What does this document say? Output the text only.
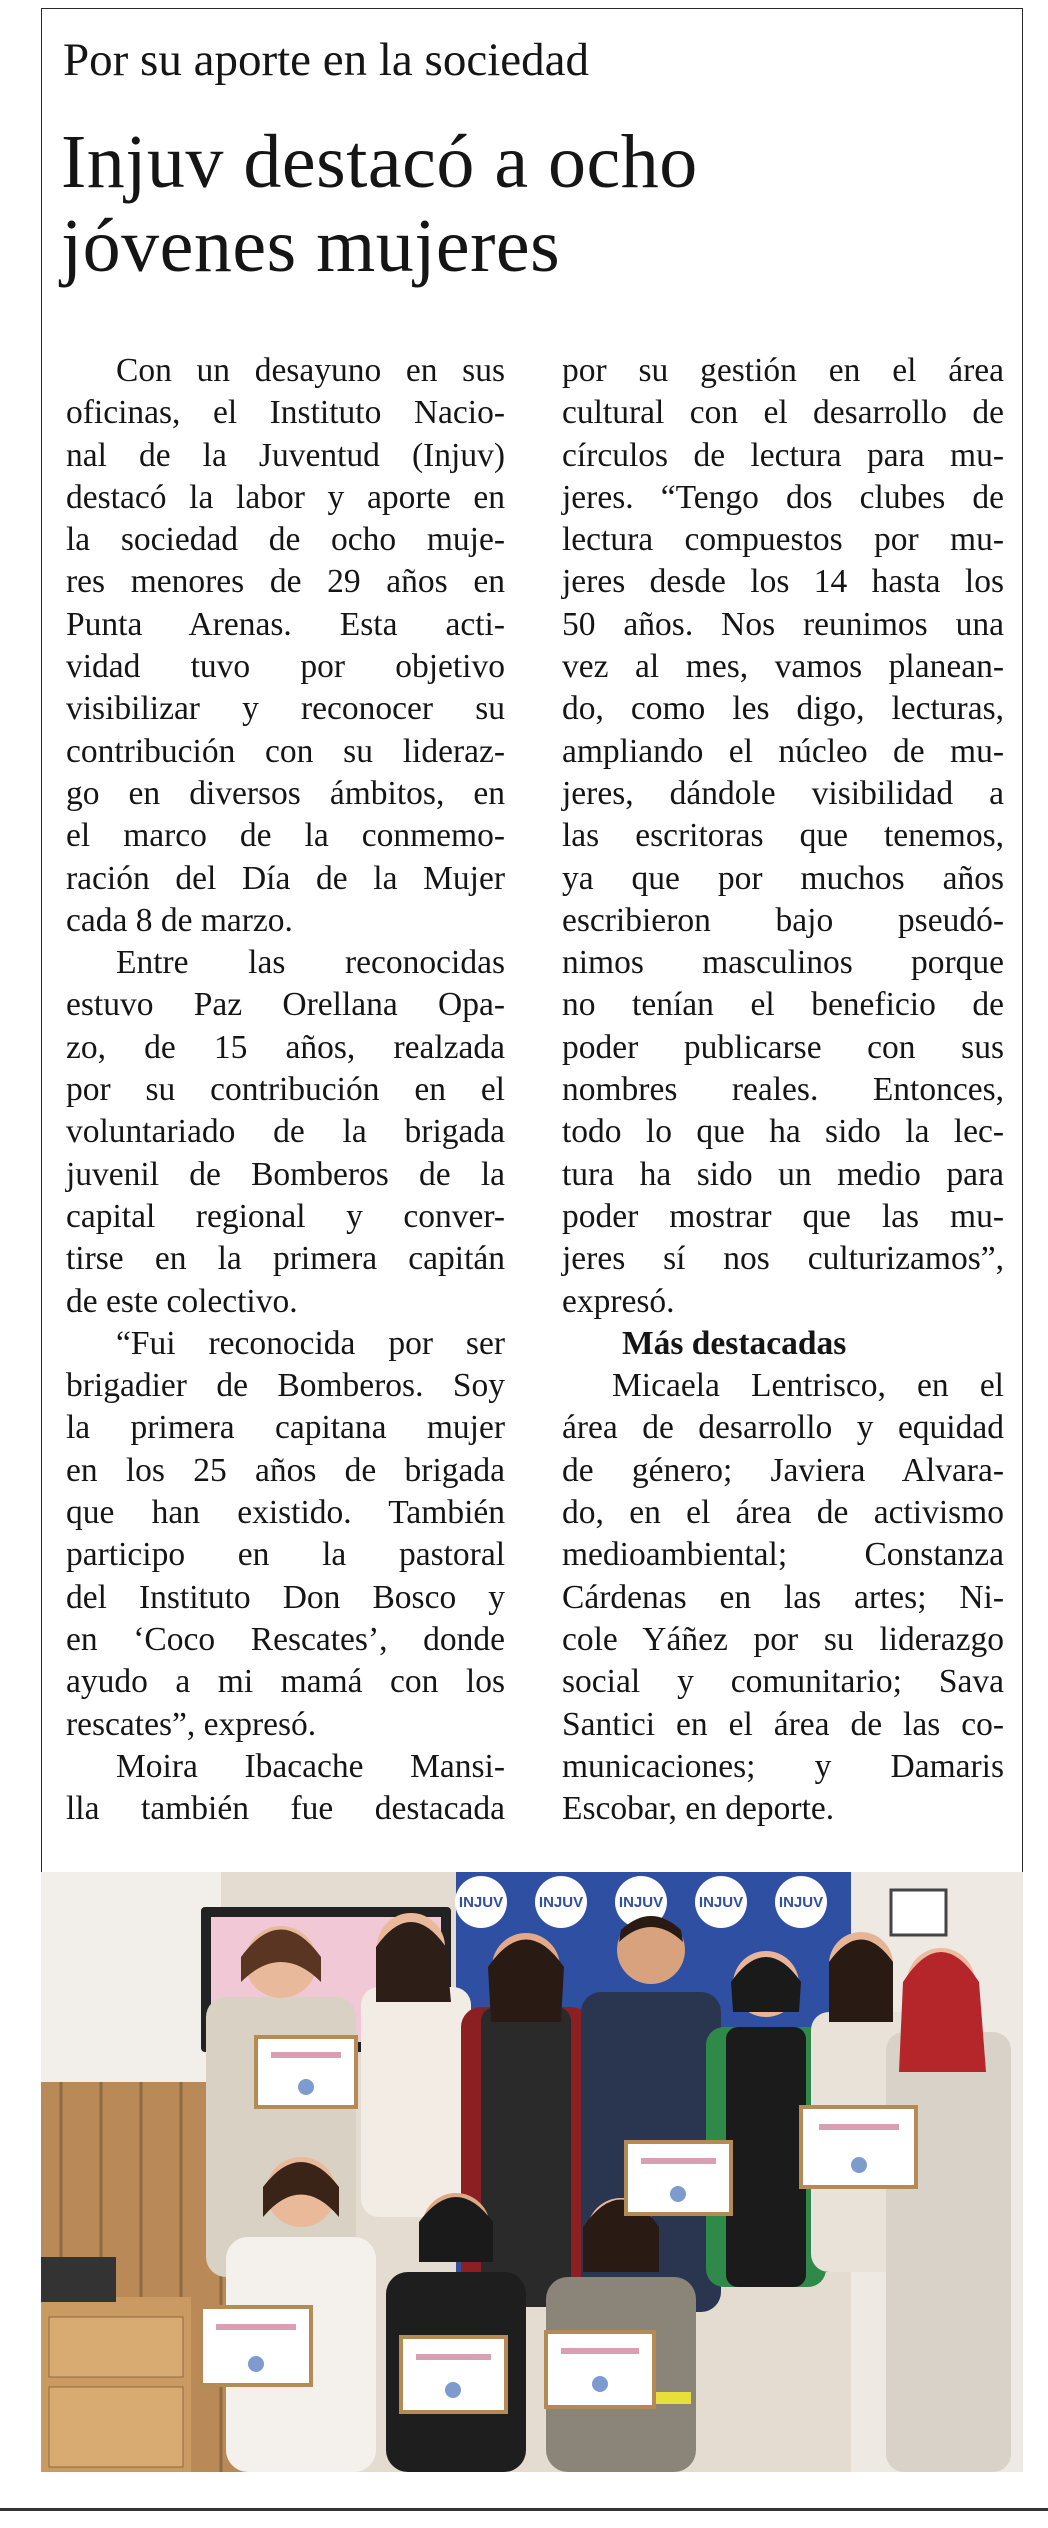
Por su aporte en la sociedad
Injuv destacó a ocho
jóvenes mujeres
Con un desayuno en sus
oficinas, el Instituto Nacio-
nal de la Juventud (Injuv)
destacó la labor y aporte en
la sociedad de ocho muje-
res menores de 29 años en
Punta Arenas. Esta acti-
vidad tuvo por objetivo
visibilizar y reconocer su
contribución con su lideraz-
go en diversos ámbitos, en
el marco de la conmemo-
ración del Día de la Mujer
cada 8 de marzo.
Entre las reconocidas
estuvo Paz Orellana Opa-
zo, de 15 años, realzada
por su contribución en el
voluntariado de la brigada
juvenil de Bomberos de la
capital regional y conver-
tirse en la primera capitán
de este colectivo.
“Fui reconocida por ser
brigadier de Bomberos. Soy
la primera capitana mujer
en los 25 años de brigada
que han existido. También
participo en la pastoral
del Instituto Don Bosco y
en ‘Coco Rescates’, donde
ayudo a mi mamá con los
rescates”, expresó.
Moira Ibacache Mansi-
lla también fue destacada
por su gestión en el área
cultural con el desarrollo de
círculos de lectura para mu-
jeres. “Tengo dos clubes de
lectura compuestos por mu-
jeres desde los 14 hasta los
50 años. Nos reunimos una
vez al mes, vamos planean-
do, como les digo, lecturas,
ampliando el núcleo de mu-
jeres, dándole visibilidad a
las escritoras que tenemos,
ya que por muchos años
escribieron bajo pseudó-
nimos masculinos porque
no tenían el beneficio de
poder publicarse con sus
nombres reales. Entonces,
todo lo que ha sido la lec-
tura ha sido un medio para
poder mostrar que las mu-
jeres sí nos culturizamos”,
expresó.
Más destacadas
Micaela Lentrisco, en el
área de desarrollo y equidad
de género; Javiera Alvara-
do, en el área de activismo
medioambiental; Constanza
Cárdenas en las artes; Ni-
cole Yáñez por su liderazgo
social y comunitario; Sava
Santici en el área de las co-
municaciones; y Damaris
Escobar, en deporte.
INJUV INJUV INJUV INJUV INJUV
